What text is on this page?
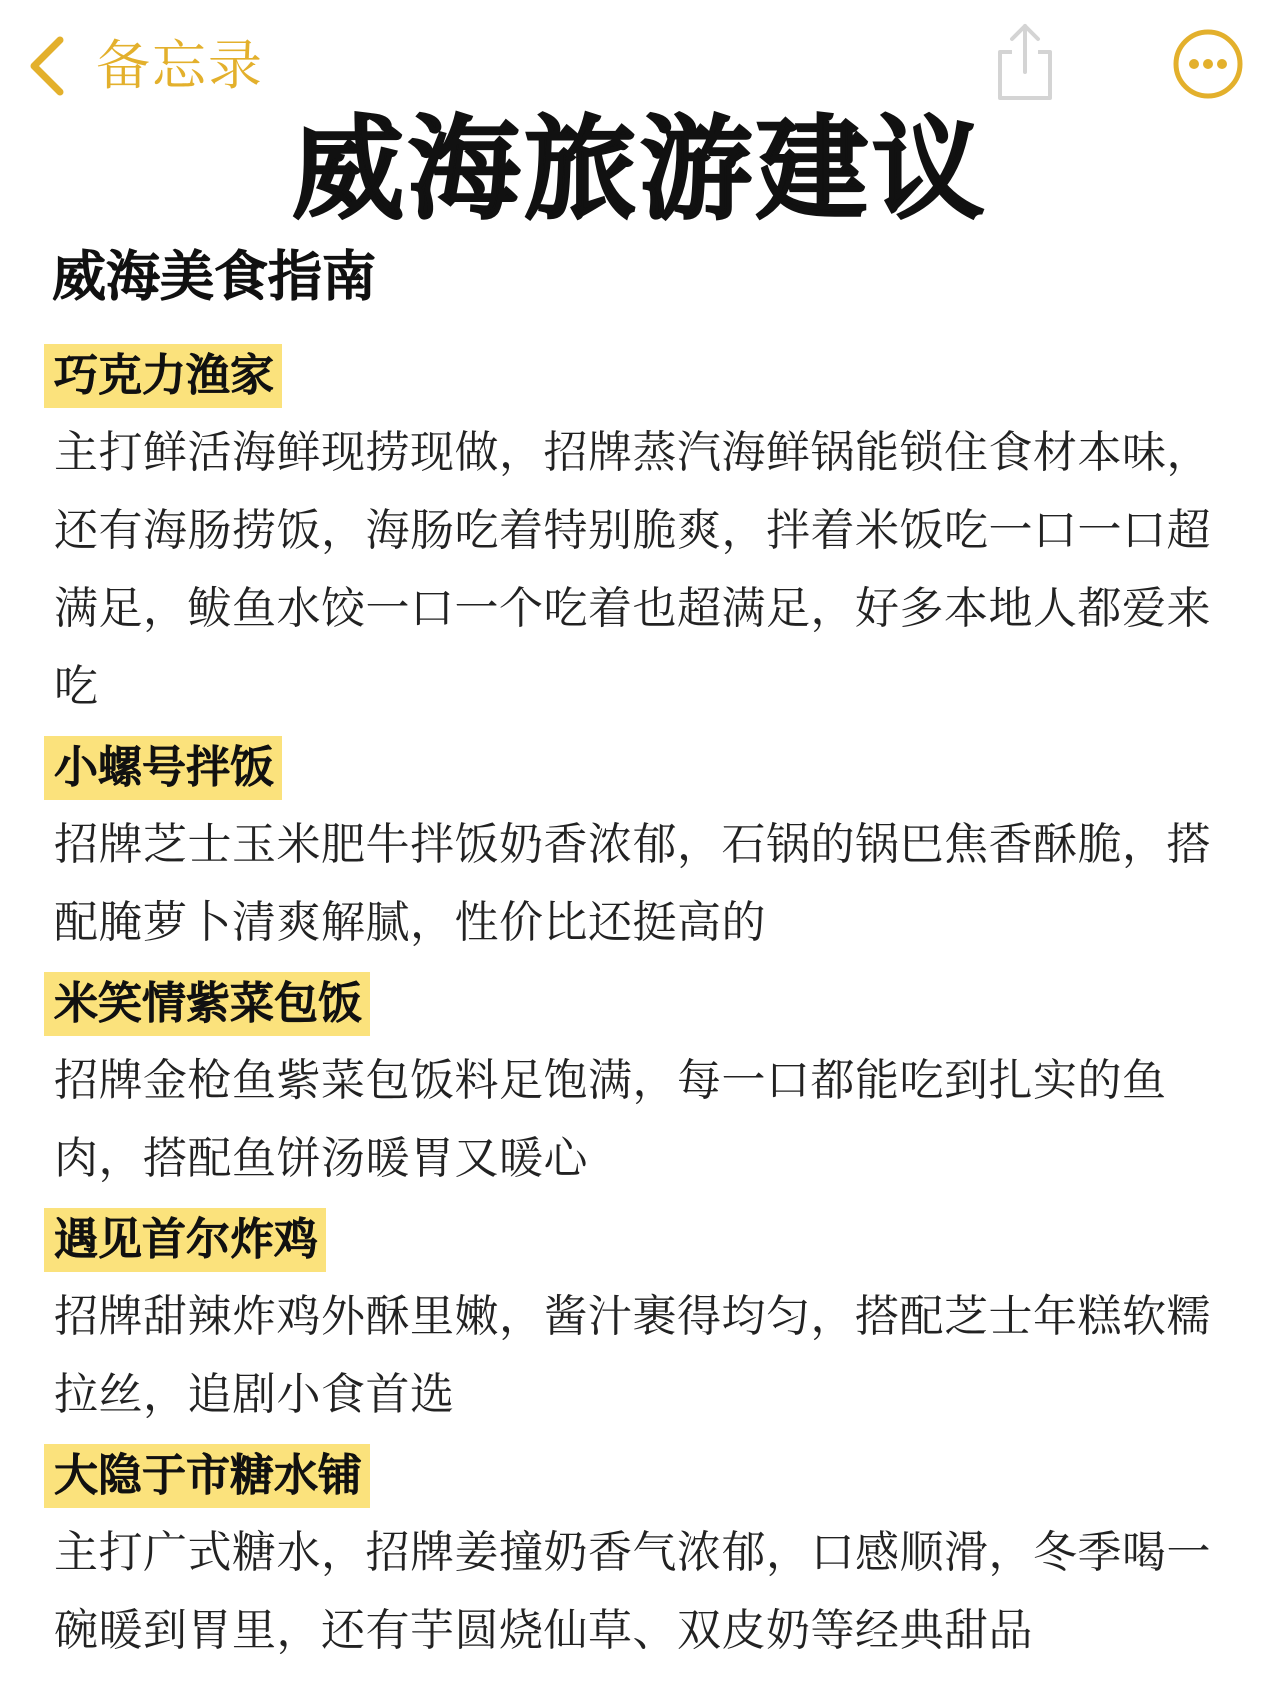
备忘录
威海旅游建议
威海美食指南
巧克力渔家
主打鲜活海鲜现捞现做，招牌蒸汽海鲜锅能锁住食材本味，还有海肠捞饭，海肠吃着特别脆爽，拌着米饭吃一口一口超满足，鲅鱼水饺一口一个吃着也超满足，好多本地人都爱来吃
小螺号拌饭
招牌芝士玉米肥牛拌饭奶香浓郁，石锅的锅巴焦香酥脆，搭配腌萝卜清爽解腻，性价比还挺高的
米笑情紫菜包饭
招牌金枪鱼紫菜包饭料足饱满，每一口都能吃到扎实的鱼肉，搭配鱼饼汤暖胃又暖心
遇见首尔炸鸡
招牌甜辣炸鸡外酥里嫩，酱汁裹得均匀，搭配芝士年糕软糯拉丝，追剧小食首选
大隐于市糖水铺
主打广式糖水，招牌姜撞奶香气浓郁，口感顺滑，冬季喝一碗暖到胃里，还有芋圆烧仙草、双皮奶等经典甜品
